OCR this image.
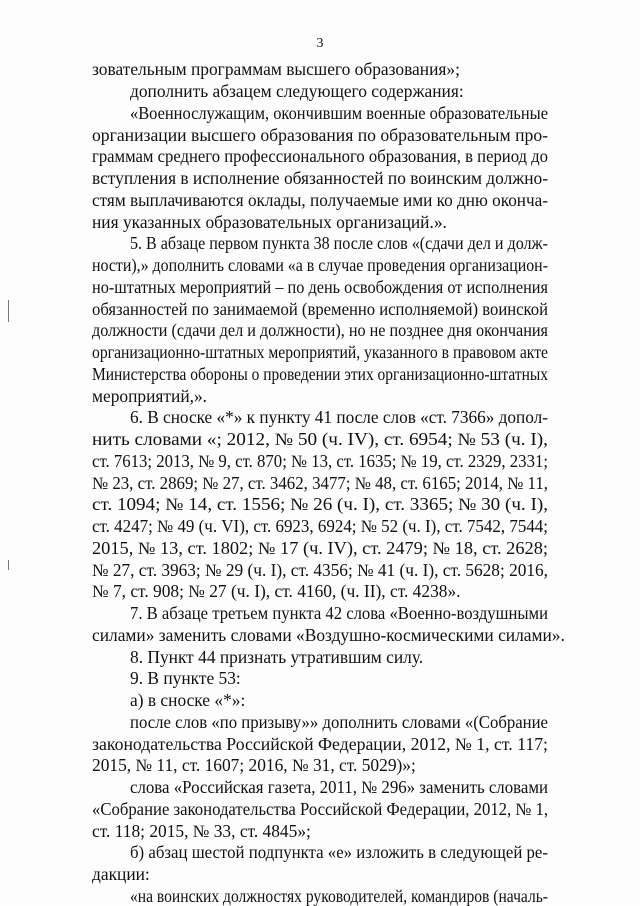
3

зовательным программам высшего образования»;

дополнить абзацем следующего содержания:

«Военнослужащим, окончившим военные образовательные

организации высшего образования по образовательным про-

граммам среднего профессионального образования, в период до

вступления в исполнение обязанностей по воинским должно-

стям выплачиваются оклады, получаемые ими ко дню оконча-

ния указанных образовательных организаций.».

5. В абзаце первом пункта 38 после слов «(сдачи дел и долж-

ности),» дополнить словами «а в случае проведения организацион-

но-штатных мероприятий – по день освобождения от исполнения

обязанностей по занимаемой (временно исполняемой) воинской

должности (сдачи дел и должности), но не позднее дня окончания

организационно-штатных мероприятий, указанного в правовом акте

Министерства обороны о проведении этих организационно-штатных

мероприятий,».

6. В сноске «*» к пункту 41 после слов «ст. 7366» допол-

нить словами «; 2012, № 50 (ч. IV), ст. 6954; № 53 (ч. I),

ст. 7613; 2013, № 9, ст. 870; № 13, ст. 1635; № 19, ст. 2329, 2331;

№ 23, ст. 2869; № 27, ст. 3462, 3477; № 48, ст. 6165; 2014, № 11,

ст. 1094; № 14, ст. 1556; № 26 (ч. I), ст. 3365; № 30 (ч. I),

ст. 4247; № 49 (ч. VI), ст. 6923, 6924; № 52 (ч. I), ст. 7542, 7544;

2015, № 13, ст. 1802; № 17 (ч. IV), ст. 2479; № 18, ст. 2628;

№ 27, ст. 3963; № 29 (ч. I), ст. 4356; № 41 (ч. I), ст. 5628; 2016,

№ 7, ст. 908; № 27 (ч. I), ст. 4160, (ч. II), ст. 4238».

7. В абзаце третьем пункта 42 слова «Военно-воздушными

силами» заменить словами «Воздушно-космическими силами».

8. Пункт 44 признать утратившим силу.

9. В пункте 53:

а) в сноске «*»:

после слов «по призыву»» дополнить словами «(Собрание

законодательства Российской Федерации, 2012, № 1, ст. 117;

2015, № 11, ст. 1607; 2016, № 31, ст. 5029)»;

слова «Российская газета, 2011, № 296» заменить словами

«Собрание законодательства Российской Федерации, 2012, № 1,

ст. 118; 2015, № 33, ст. 4845»;

б) абзац шестой подпункта «е» изложить в следующей ре-

дакции:

«на воинских должностях руководителей, командиров (началь-
